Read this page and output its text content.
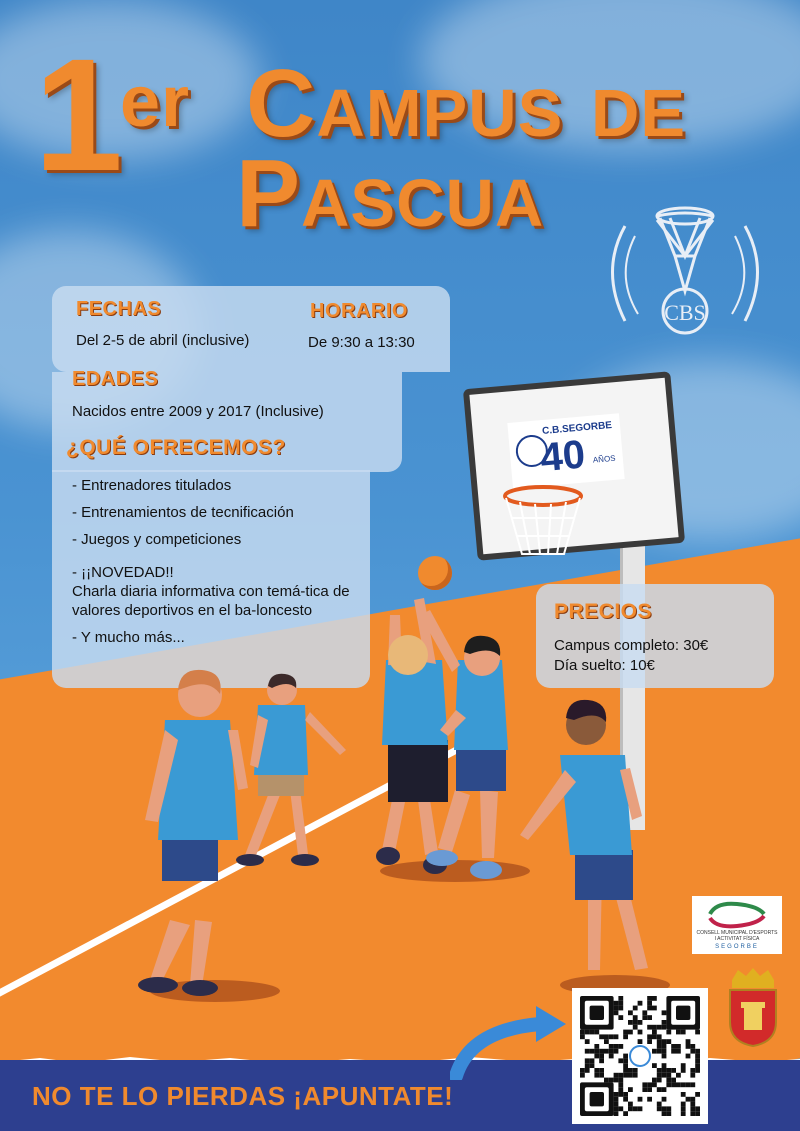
1
er Campus de
Pascua
CBS
FECHAS
Del 2-5 de abril (inclusive)
HORARIO
De 9:30 a 13:30
EDADES
Nacidos entre 2009 y 2017 (Inclusive)
¿QUÉ OFRECEMOS?
- Entrenadores titulados
- Entrenamientos de tecnificación
- Juegos y competiciones
- ¡¡NOVEDAD!!
Charla diaria informativa con temá-tica de valores deportivos en el ba-loncesto
- Y mucho más...
C.B.SEGORBE
40 AÑOS
PRECIOS
Campus completo: 30€
Día suelto: 10€
CONSELL MUNICIPAL D'ESPORTS I ACTIVITAT FÍSICA
SEGORBE
NO TE LO PIERDAS ¡APUNTATE!
